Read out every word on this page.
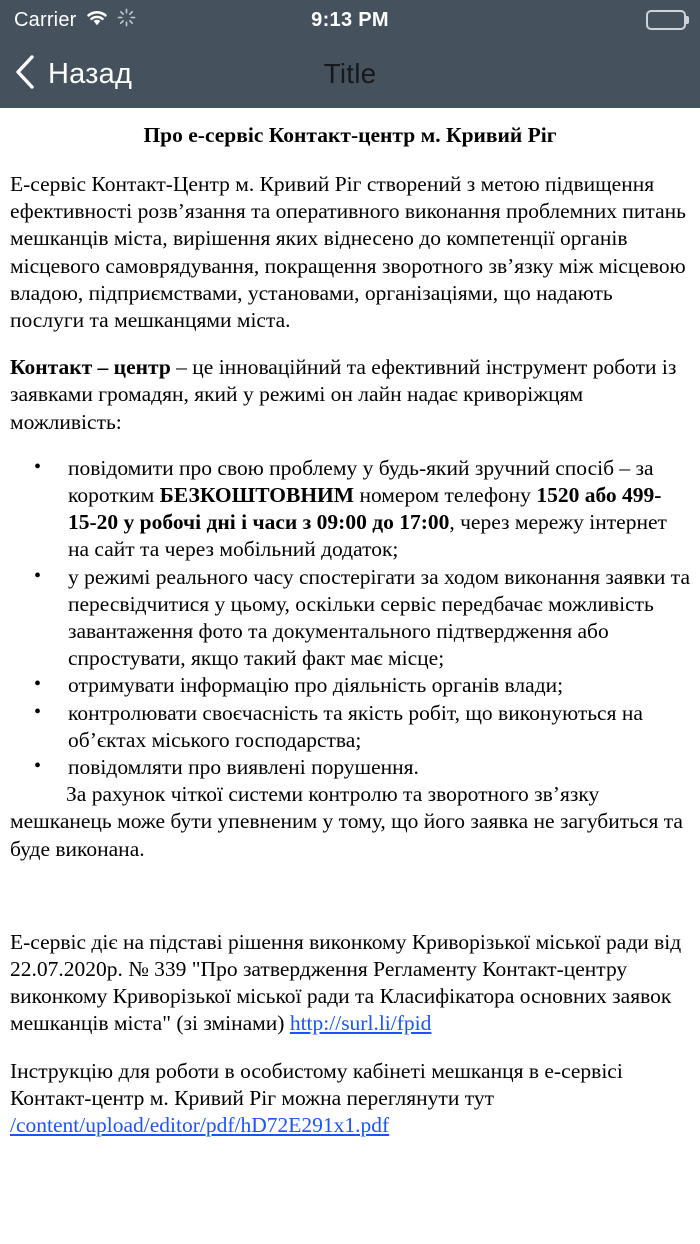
Carrier	9:13 PM
Назад	Title
Про е-сервіс Контакт-центр м. Кривий Ріг

Е-сервіс Контакт-Центр м. Кривий Ріг створений з метою підвищення ефективності розв’язання та оперативного виконання проблемних питань мешканців міста, вирішення яких віднесено до компетенції органів місцевого самоврядування, покращення зворотного зв’язку між місцевою владою, підприємствами, установами, організаціями, що надають послуги та мешканцями міста.

Контакт – центр – це інноваційний та ефективний інструмент роботи із заявками громадян, який у режимі он лайн надає криворіжцям можливість:

• повідомити про свою проблему у будь-який зручний спосіб – за коротким БЕЗКОШТОВНИМ номером телефону 1520 або 499-15-20 у робочі дні і часи з 09:00 до 17:00, через мережу інтернет на сайт та через мобільний додаток;
• у режимі реального часу спостерігати за ходом виконання заявки та пересвідчитися у цьому, оскільки сервіс передбачає можливість завантаження фото та документального підтвердження або спростувати, якщо такий факт має місце;
• отримувати інформацію про діяльність органів влади;
• контролювати своєчасність та якість робіт, що виконуються на об’єктах міського господарства;
• повідомляти про виявлені порушення.

За рахунок чіткої системи контролю та зворотного зв’язку мешканець може бути упевненим у тому, що його заявка не загубиться та буде виконана.

Е-сервіс діє на підставі рішення виконкому Криворізької міської ради від 22.07.2020р. № 339 "Про затвердження Регламенту Контакт-центру виконкому Криворізької міської ради та Класифікатора основних заявок мешканців міста" (зі змінами) http://surl.li/fpid

Інструкцію для роботи в особистому кабінеті мешканця в е-сервісі Контакт-центр м. Кривий Ріг можна переглянути тут /content/upload/editor/pdf/hD72E291x1.pdf
